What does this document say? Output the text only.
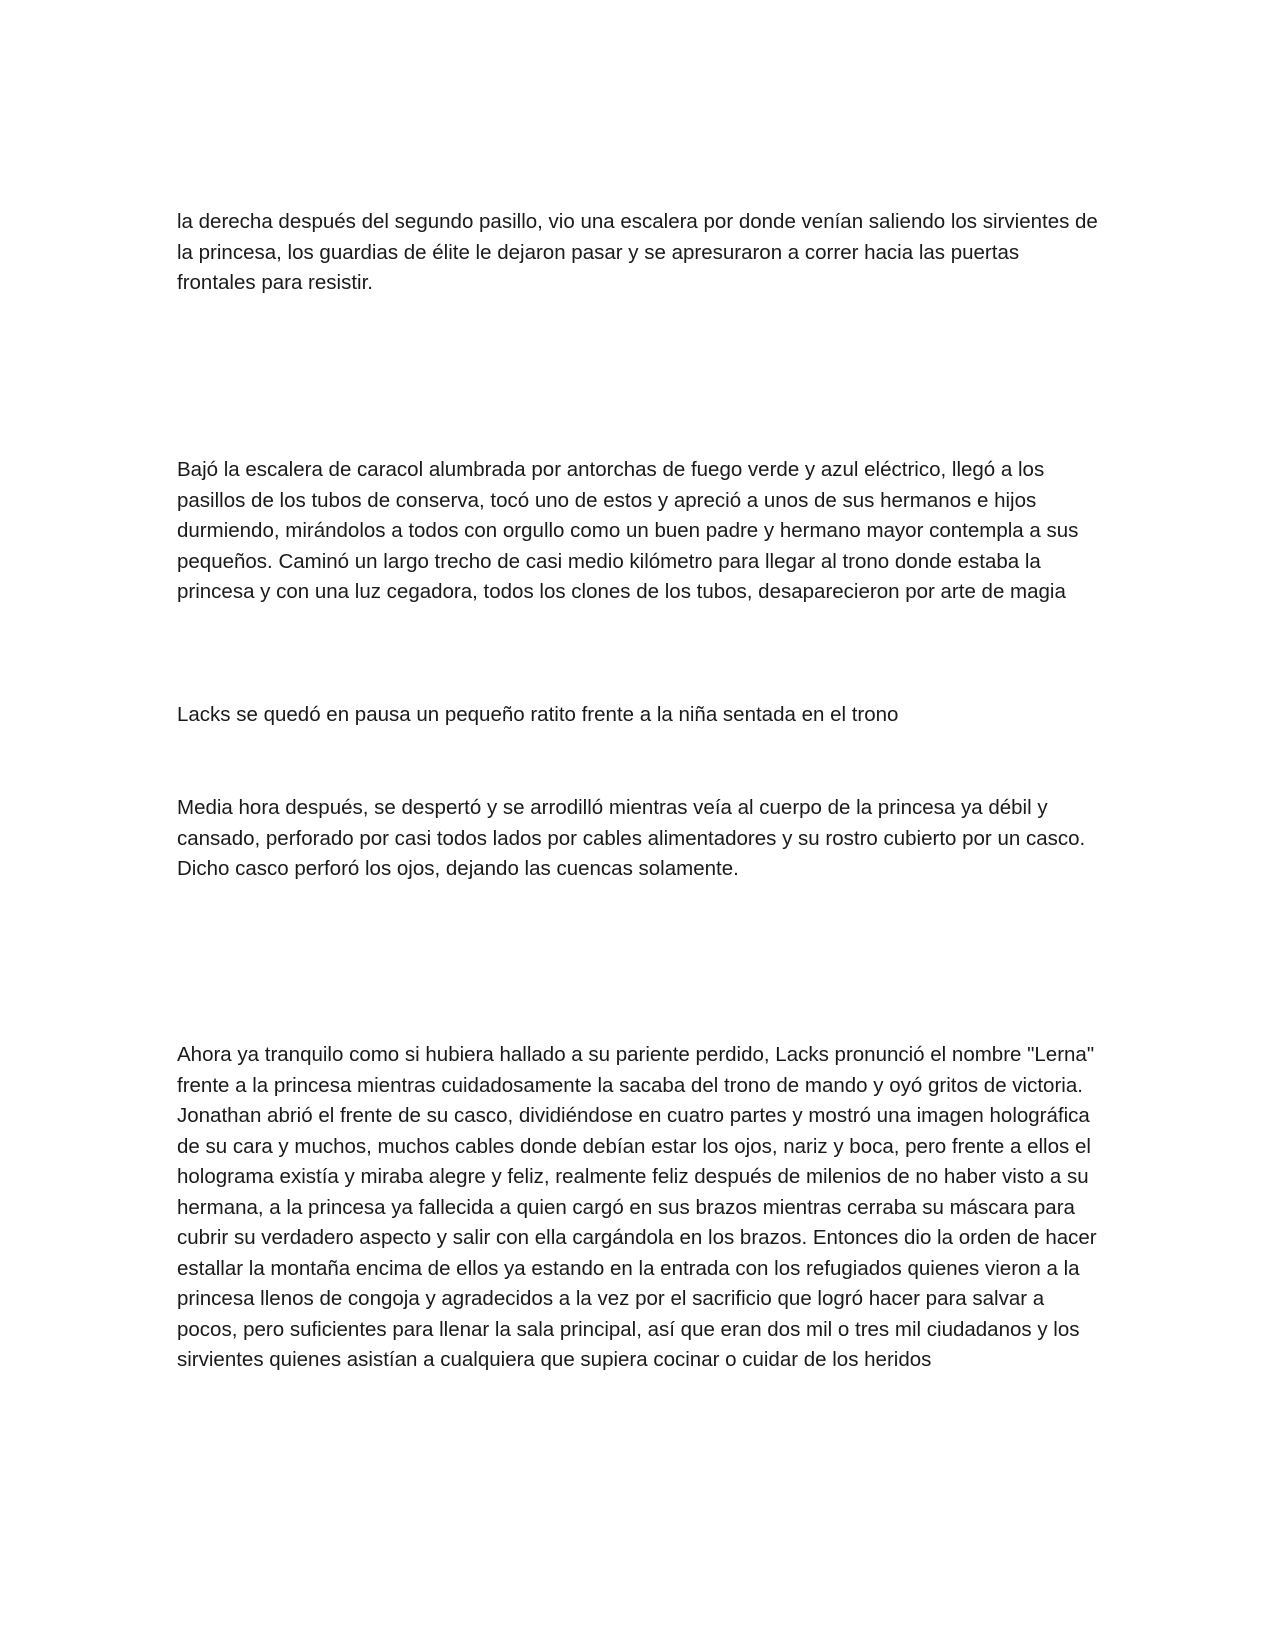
la derecha después del segundo pasillo, vio una escalera por donde venían saliendo los sirvientes de la princesa, los guardias de élite le dejaron pasar y se apresuraron a correr hacia las puertas frontales para resistir.

Bajó la escalera de caracol alumbrada por antorchas de fuego verde y azul eléctrico, llegó a los pasillos de los tubos de conserva, tocó uno de estos y apreció a unos de sus hermanos e hijos durmiendo, mirándolos a todos con orgullo como un buen padre y hermano mayor contempla a sus pequeños. Caminó un largo trecho de casi medio kilómetro para llegar al trono donde estaba la princesa y con una luz cegadora, todos los clones de los tubos, desaparecieron por arte de magia

Lacks se quedó en pausa un pequeño ratito frente a la niña sentada en el trono

Media hora después, se despertó y se arrodilló mientras veía al cuerpo de la princesa ya débil y cansado, perforado por casi todos lados por cables alimentadores y su rostro cubierto por un casco. Dicho casco perforó los ojos, dejando las cuencas solamente.

Ahora ya tranquilo como si hubiera hallado a su pariente perdido, Lacks pronunció el nombre "Lerna" frente a la princesa mientras cuidadosamente la sacaba del trono de mando y oyó gritos de victoria. Jonathan abrió el frente de su casco, dividiéndose en cuatro partes y mostró una imagen holográfica de su cara y muchos, muchos cables donde debían estar los ojos, nariz y boca, pero frente a ellos el holograma existía y miraba alegre y feliz, realmente feliz después de milenios de no haber visto a su hermana, a la princesa ya fallecida a quien cargó en sus brazos mientras cerraba su máscara para cubrir su verdadero aspecto y salir con ella cargándola en los brazos. Entonces dio la orden de hacer estallar la montaña encima de ellos ya estando en la entrada con los refugiados quienes vieron a la princesa llenos de congoja y agradecidos a la vez por el sacrificio que logró hacer para salvar a pocos, pero suficientes para llenar la sala principal, así que eran dos mil o tres mil ciudadanos y los sirvientes quienes asistían a cualquiera que supiera cocinar o cuidar de los heridos
